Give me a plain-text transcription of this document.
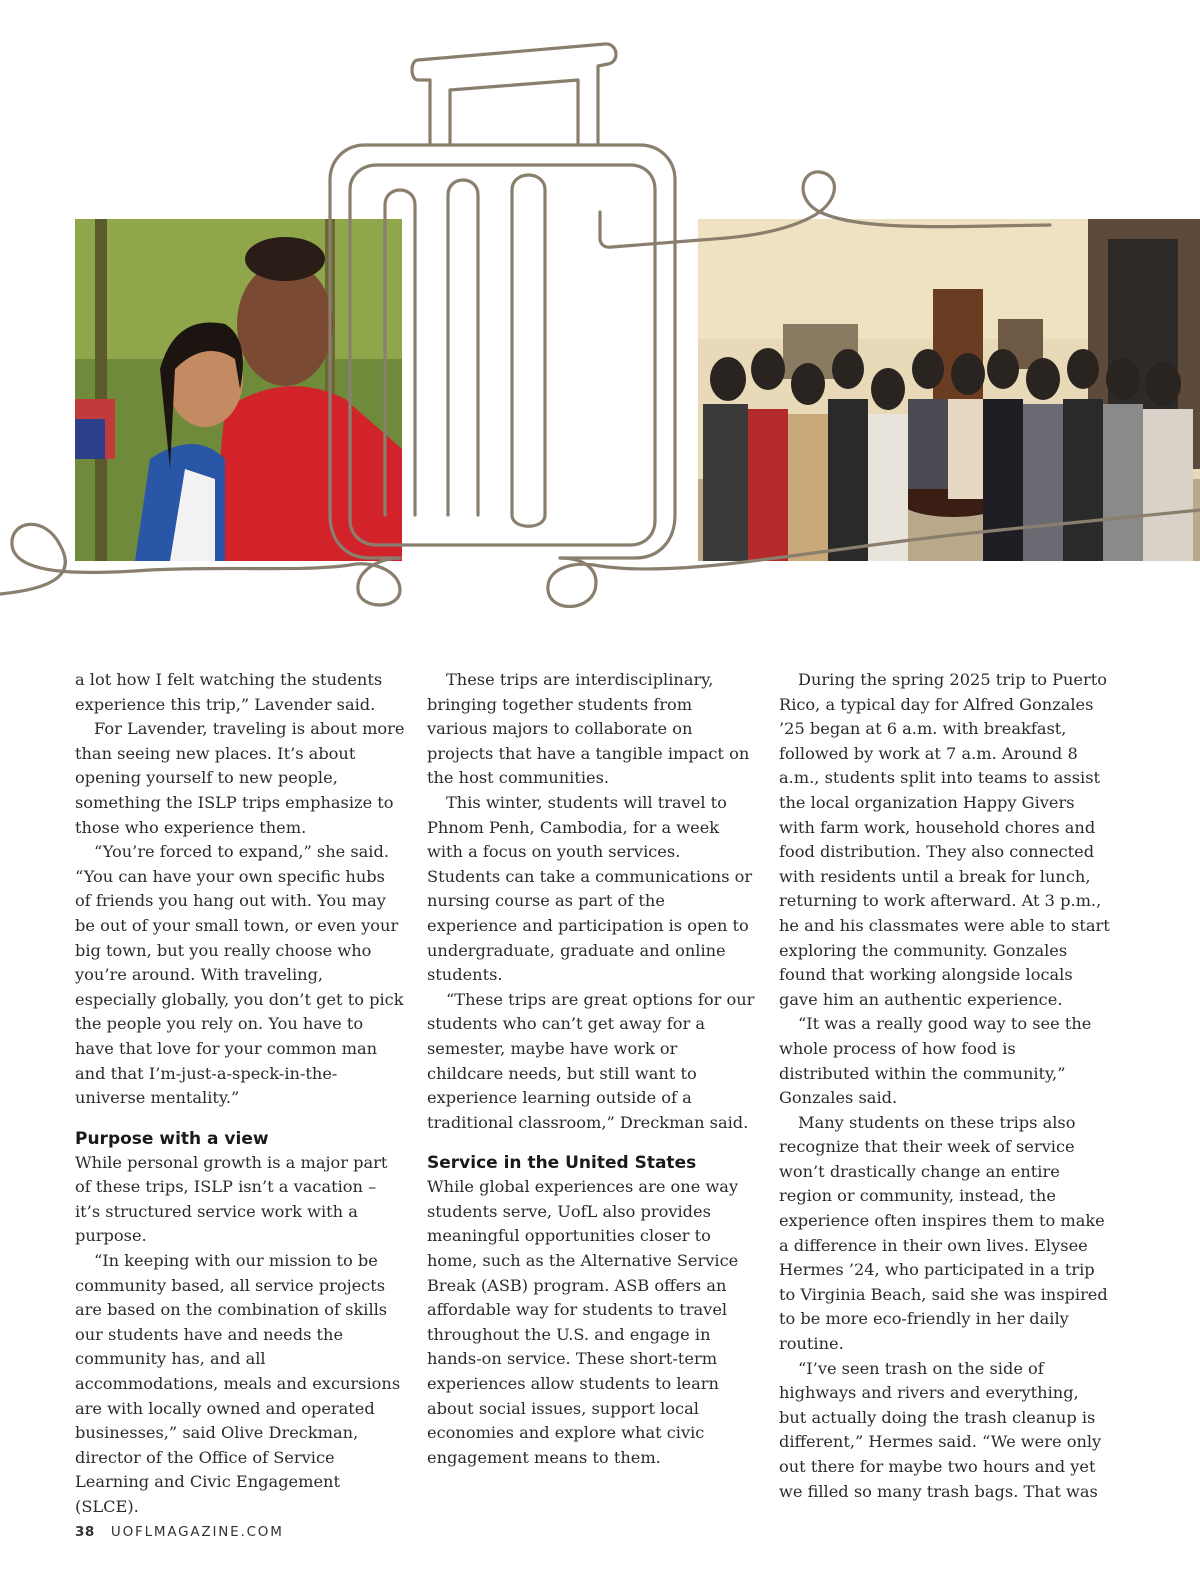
a lot how I felt watching the students experience this trip,” Lavender said.

For Lavender, traveling is about more than seeing new places. It’s about opening yourself to new people, something the ISLP trips emphasize to those who experience them.

“You’re forced to expand,” she said. “You can have your own specific hubs of friends you hang out with. You may be out of your small town, or even your big town, but you really choose who you’re around. With traveling, especially globally, you don’t get to pick the people you rely on. You have to have that love for your common man and that I’m-just-a-speck-in-the-universe mentality.”

Purpose with a view

While personal growth is a major part of these trips, ISLP isn’t a vacation – it’s structured service work with a purpose.

“In keeping with our mission to be community based, all service projects are based on the combination of skills our students have and needs the community has, and all accommodations, meals and excursions are with locally owned and operated businesses,” said Olive Dreckman, director of the Office of Service Learning and Civic Engagement (SLCE).

These trips are interdisciplinary, bringing together students from various majors to collaborate on projects that have a tangible impact on the host communities.

This winter, students will travel to Phnom Penh, Cambodia, for a week with a focus on youth services. Students can take a communications or nursing course as part of the experience and participation is open to undergraduate, graduate and online students.

“These trips are great options for our students who can’t get away for a semester, maybe have work or childcare needs, but still want to experience learning outside of a traditional classroom,” Dreckman said.

Service in the United States

While global experiences are one way students serve, UofL also provides meaningful opportunities closer to home, such as the Alternative Service Break (ASB) program. ASB offers an affordable way for students to travel throughout the U.S. and engage in hands-on service. These short-term experiences allow students to learn about social issues, support local economies and explore what civic engagement means to them.

During the spring 2025 trip to Puerto Rico, a typical day for Alfred Gonzales ’25 began at 6 a.m. with breakfast, followed by work at 7 a.m. Around 8 a.m., students split into teams to assist the local organization Happy Givers with farm work, household chores and food distribution. They also connected with residents until a break for lunch, returning to work afterward. At 3 p.m., he and his classmates were able to start exploring the community. Gonzales found that working alongside locals gave him an authentic experience.

“It was a really good way to see the whole process of how food is distributed within the community,” Gonzales said.

Many students on these trips also recognize that their week of service won’t drastically change an entire region or community, instead, the experience often inspires them to make a difference in their own lives. Elysee Hermes ’24, who participated in a trip to Virginia Beach, said she was inspired to be more eco-friendly in her daily routine.

“I’ve seen trash on the side of highways and rivers and everything, but actually doing the trash cleanup is different,” Hermes said. “We were only out there for maybe two hours and yet we filled so many trash bags. That was

38 UOFLMAGAZINE.COM
